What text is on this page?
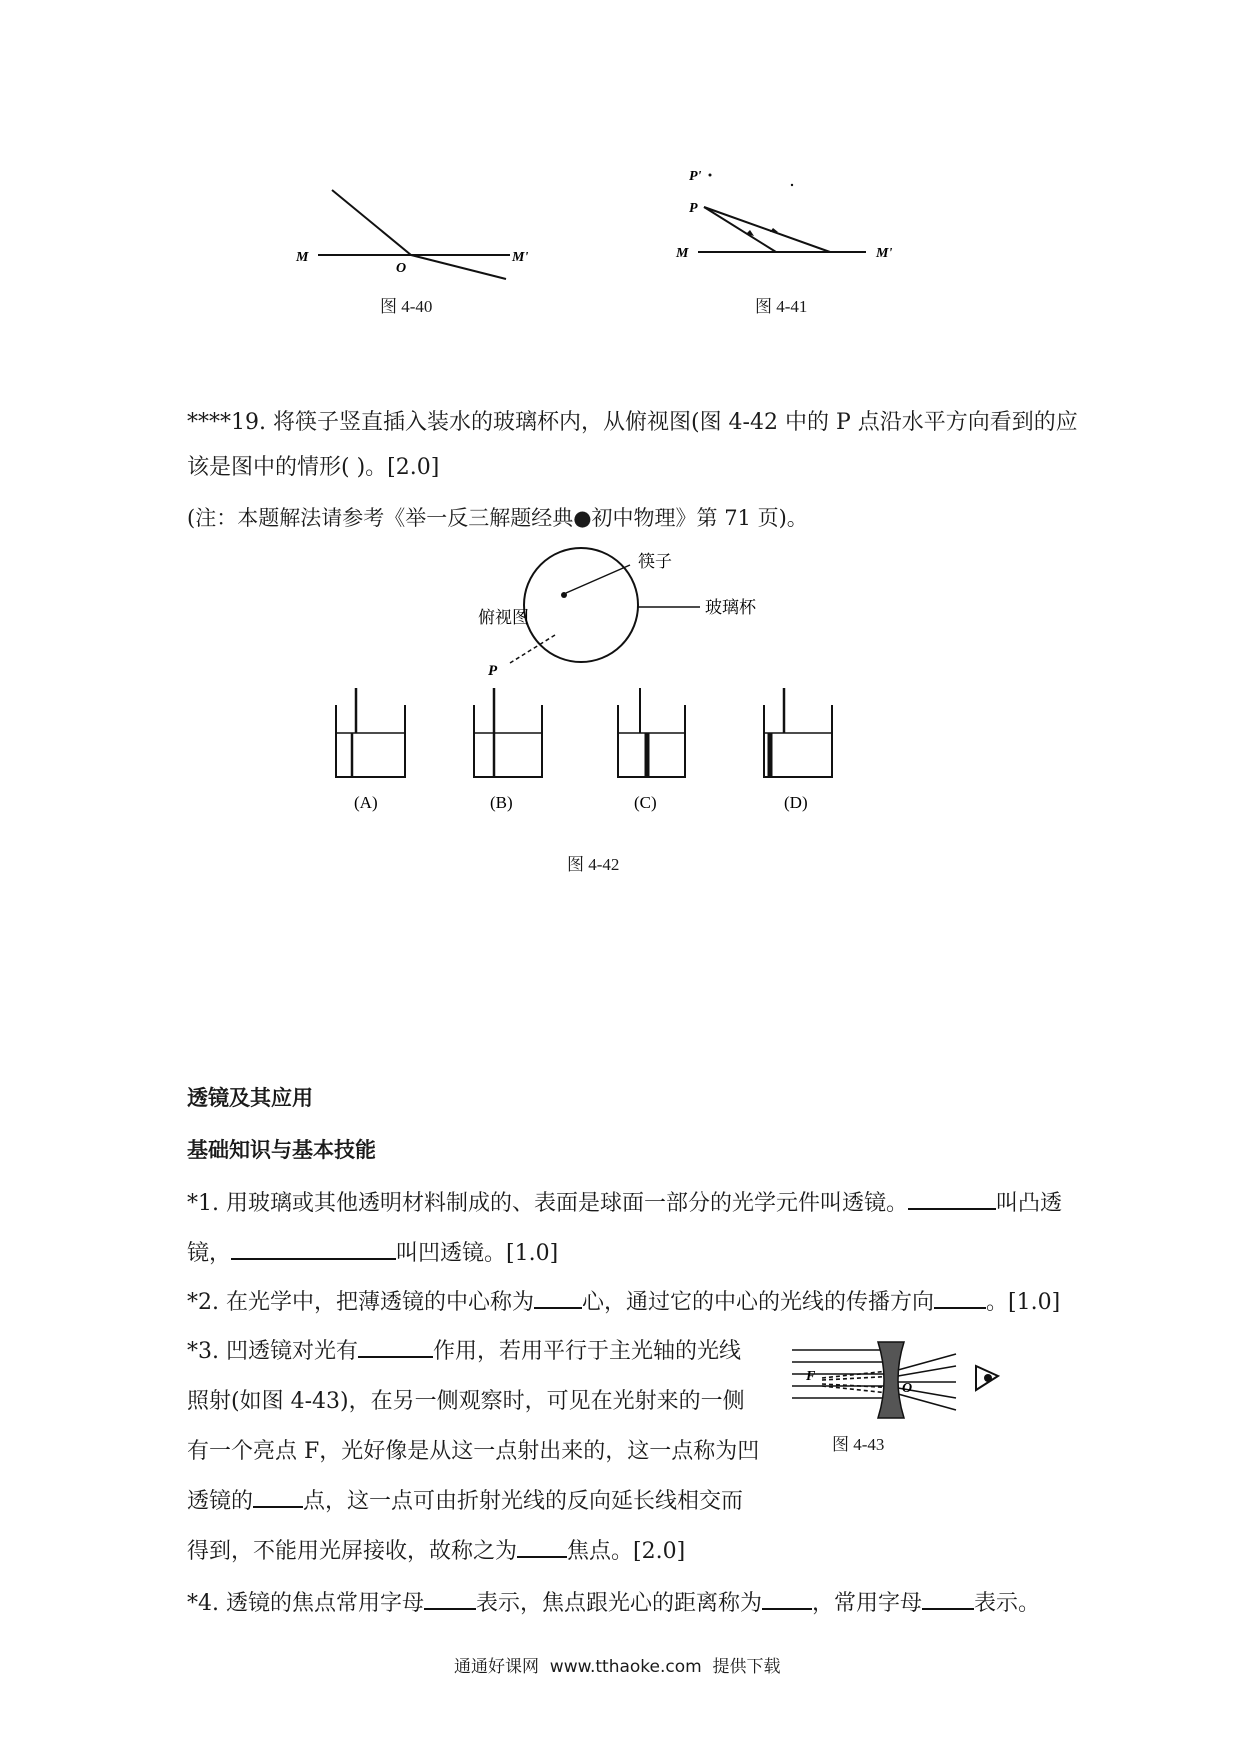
M	M'
O
图 4-40
P'
P
M	M'
图 4-41
****19. 将筷子竖直插入装水的玻璃杯内，从俯视图(图 4-42 中的 P 点沿水平方向看到的应
该是图中的情形( )。[2.0]
(注：本题解法请参考《举一反三解题经典●初中物理》第 71 页)。
筷子
玻璃杯
俯视图
P
(A)	(B)	(C)	(D)
图 4-42
透镜及其应用
基础知识与基本技能
*1. 用玻璃或其他透明材料制成的、表面是球面一部分的光学元件叫透镜。	叫凸透
镜，	叫凹透镜。[1.0]
*2. 在光学中，把薄透镜的中心称为 心，通过它的中心的光线的传播方向 。[1.0]
*3. 凹透镜对光有	作用，若用平行于主光轴的光线
照射(如图 4-43)，在另一侧观察时，可见在光射来的一侧
有一个亮点 F，光好像是从这一点射出来的，这一点称为凹
透镜的 点，这一点可由折射光线的反向延长线相交而
得到，不能用光屏接收，故称之为 焦点。[2.0]
F
O
图 4-43
*4. 透镜的焦点常用字母 表示，焦点跟光心的距离称为 ，常用字母 表示。
通通好课网  www.tthaoke.com  提供下载
